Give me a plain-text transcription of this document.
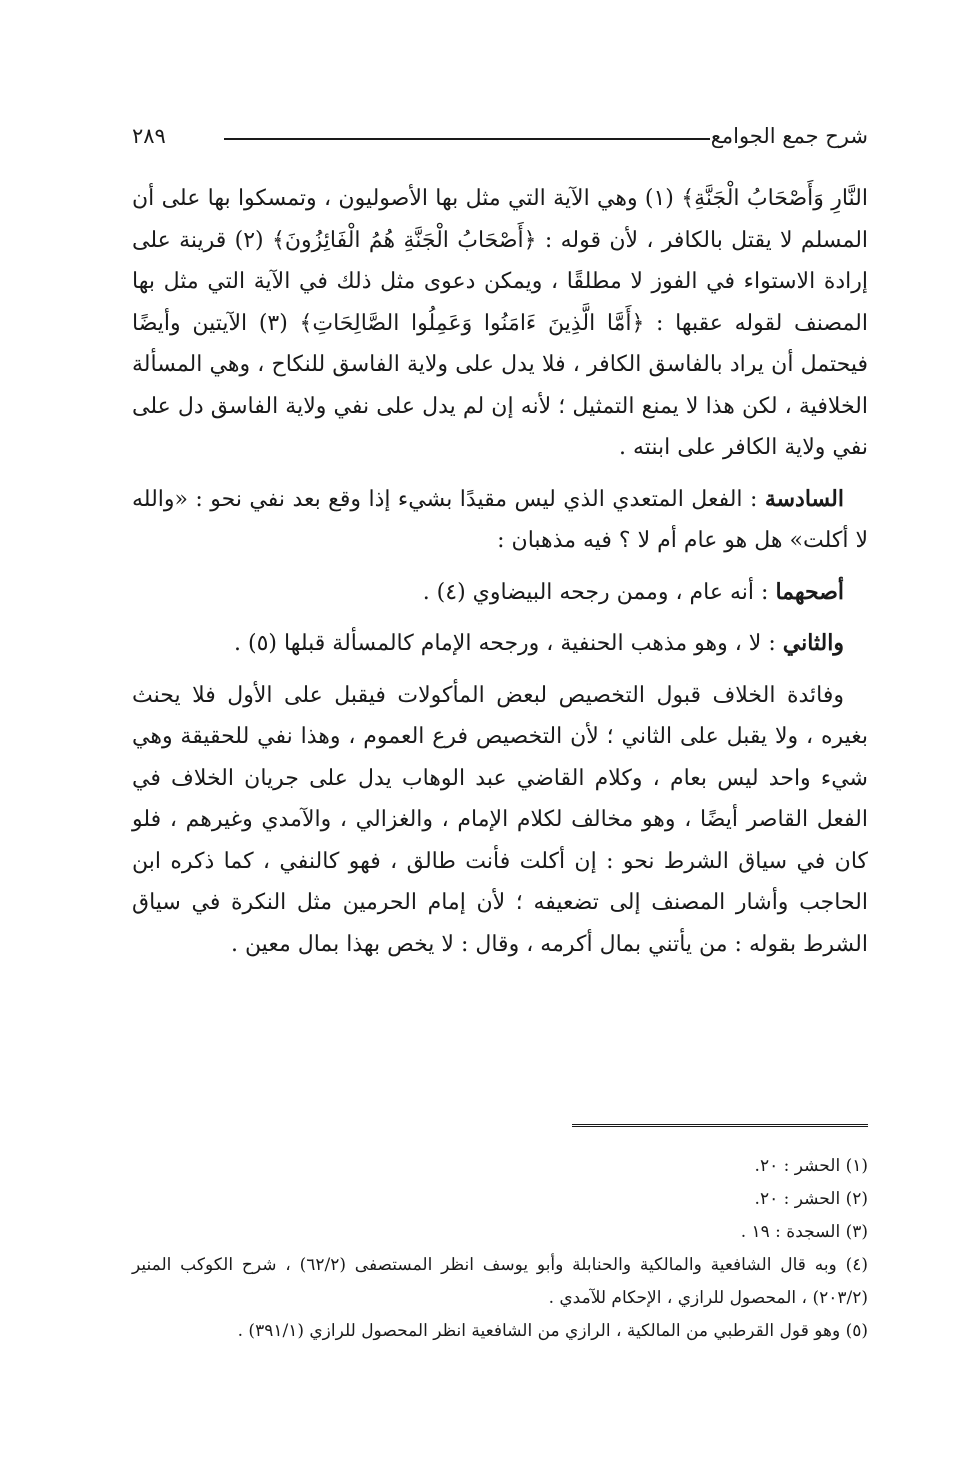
شرح جمع الجوامع
٢٨٩

النَّارِ وَأَصْحَابُ الْجَنَّةِ﴾ (١) وهي الآية التي مثل بها الأصوليون ، وتمسكوا بها على أن المسلم لا يقتل بالكافر ، لأن قوله : ﴿أَصْحَابُ الْجَنَّةِ هُمُ الْفَائِزُونَ﴾ (٢) قرينة على إرادة الاستواء في الفوز لا مطلقًا ، ويمكن دعوى مثل ذلك في الآية التي مثل بها المصنف لقوله عقبها : ﴿أَمَّا الَّذِينَ ءَامَنُوا وَعَمِلُوا الصَّالِحَاتِ﴾ (٣) الآيتين وأيضًا فيحتمل أن يراد بالفاسق الكافر ، فلا يدل على ولاية الفاسق للنكاح ، وهي المسألة الخلافية ، لكن هذا لا يمنع التمثيل ؛ لأنه إن لم يدل على نفي ولاية الفاسق دل على نفي ولاية الكافر على ابنته .

السادسة : الفعل المتعدي الذي ليس مقيدًا بشيء إذا وقع بعد نفي نحو : «والله لا أكلت» هل هو عام أم لا ؟ فيه مذهبان :

أصحهما : أنه عام ، وممن رجحه البيضاوي (٤) .

والثاني : لا ، وهو مذهب الحنفية ، ورجحه الإمام كالمسألة قبلها (٥) .

وفائدة الخلاف قبول التخصيص لبعض المأكولات فيقبل على الأول فلا يحنث بغيره ، ولا يقبل على الثاني ؛ لأن التخصيص فرع العموم ، وهذا نفي للحقيقة وهي شيء واحد ليس بعام ، وكلام القاضي عبد الوهاب يدل على جريان الخلاف في الفعل القاصر أيضًا ، وهو مخالف لكلام الإمام ، والغزالي ، والآمدي وغيرهم ، فلو كان في سياق الشرط نحو : إن أكلت فأنت طالق ، فهو كالنفي ، كما ذكره ابن الحاجب وأشار المصنف إلى تضعيفه ؛ لأن إمام الحرمين مثل النكرة في سياق الشرط بقوله : من يأتني بمال أكرمه ، وقال : لا يخص بهذا بمال معين .

(١) الحشر : ٢٠.

(٢) الحشر : ٢٠.

(٣) السجدة : ١٩ .

(٤) وبه قال الشافعية والمالكية والحنابلة وأبو يوسف انظر المستصفى (٦٢/٢) ، شرح الكوكب المنير (٢٠٣/٢) ، المحصول للرازي ، الإحكام للآمدي .

(٥) وهو قول القرطبي من المالكية ، الرازي من الشافعية انظر المحصول للرازي (٣٩١/١) .
